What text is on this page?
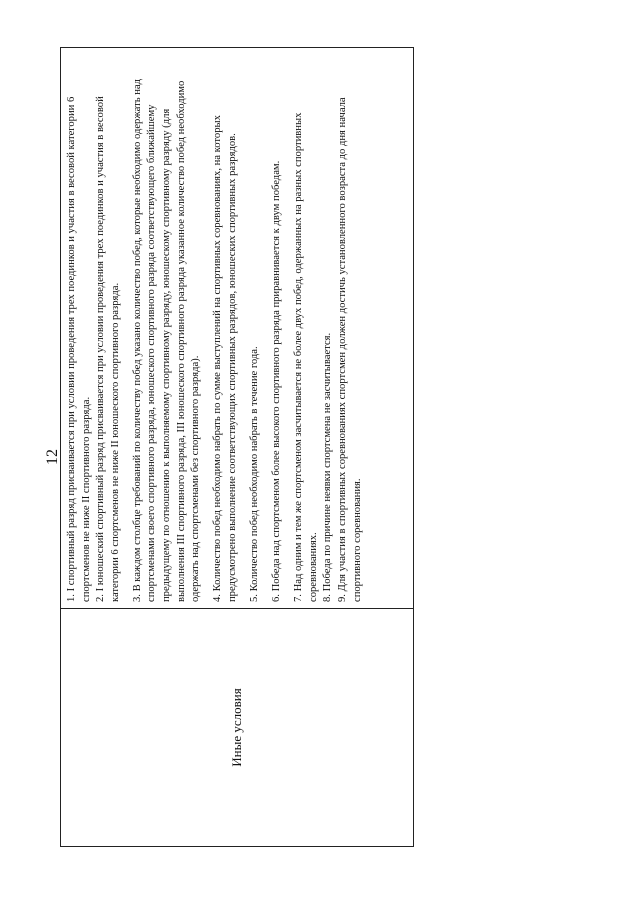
12
Иные условия

1. I спортивный разряд присваивается при условии проведения трех поединков и участия в весовой категории 6 спортсменов не ниже II спортивного разряда. 2. I юношеский спортивный разряд присваивается при условии проведения трех поединков и участия в весовой категории 6 спортсменов не ниже II юношеского спортивного разряда. 3. В каждом столбце требований по количеству побед указано количество побед, которые необходимо одержать над спортсменами своего спортивного разряда, юношеского спортивного разряда соответствующего ближайшему предыдущему по отношению к выполняемому спортивному разряду, юношескому спортивному разряду (для выполнения III спортивного разряда, III юношеского спортивного разряда указанное количество побед необходимо одержать над спортсменами без спортивного разряда). 4. Количество побед необходимо набрать по сумме выступлений на спортивных соревнованиях, на которых предусмотрено выполнение соответствующих спортивных разрядов, юношеских спортивных разрядов. 5. Количество побед необходимо набрать в течение года. 6. Победа над спортсменом более высокого спортивного разряда приравнивается к двум победам. 7. Над одним и тем же спортсменом засчитывается не более двух побед, одержанных на разных спортивных соревнованиях. 8. Победа по причине неявки спортсмена не засчитывается. 9. Для участия в спортивных соревнованиях спортсмен должен достичь установленного возраста до дня начала спортивного соревнования.
